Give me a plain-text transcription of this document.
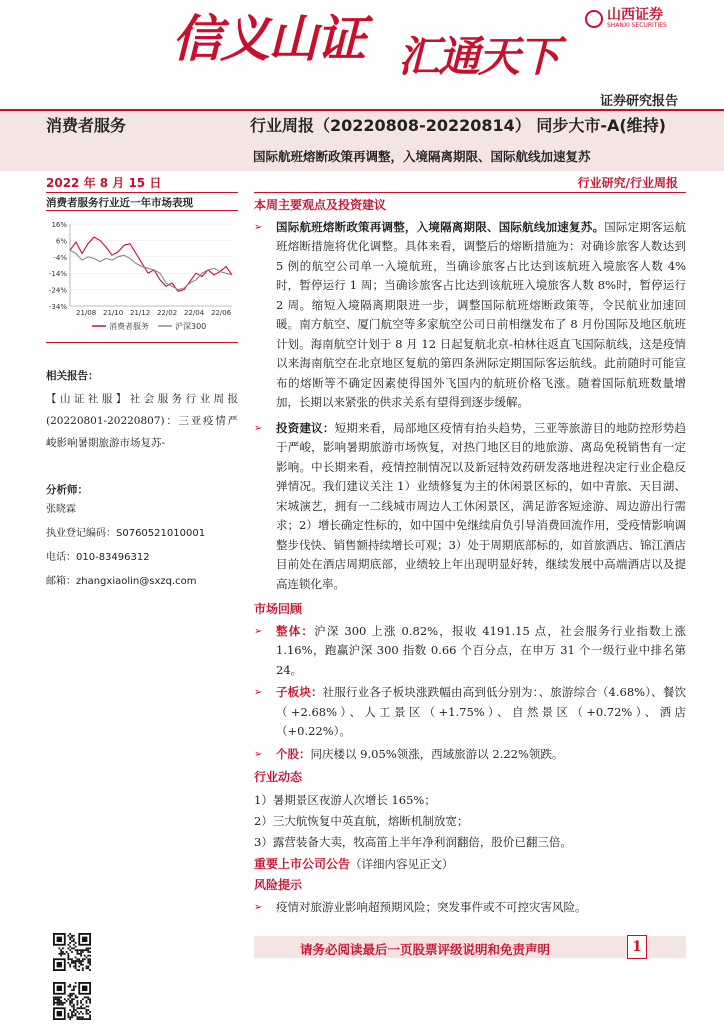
山西证券
SHANXI SECURITIES
信义山证 汇通天下
证券研究报告
消费者服务	行业周报（20220808-20220814） 同步大市-A(维持)
国际航班熔断政策再调整，入境隔离期限、国际航线加速复苏
2022 年 8 月 15 日	行业研究/行业周报
消费者服务行业近一年市场表现
16%
6%
-4%
-14%
-24%
-34%
21/08 21/10 21/12 22/02 22/04 22/06
消费者服务	沪深300
相关报告：
【山证社服】社会服务行业周报(20220801-20220807)：三亚疫情严峻影响暑期旅游市场复苏-
分析师：
张晓霖
执业登记编码：S0760521010001
电话：010-83496312
邮箱：zhangxiaolin@sxzq.com
本周主要观点及投资建议
➢	国际航班熔断政策再调整，入境隔离期限、国际航线加速复苏。国际定期客运航班熔断措施将优化调整。具体来看，调整后的熔断措施为：对确诊旅客人数达到 5 例的航空公司单一入境航班，当确诊旅客占比达到该航班入境旅客人数 4%时，暂停运行 1 周；当确诊旅客占比达到该航班入境旅客人数 8%时，暂停运行 2 周。缩短入境隔离期限进一步，调整国际航班熔断政策等，令民航业加速回暖。南方航空、厦门航空等多家航空公司日前相继发布了 8 月份国际及地区航班计划。海南航空计划于 8 月 12 日起复航北京-柏林往返直飞国际航线，这是疫情以来海南航空在北京地区复航的第四条洲际定期国际客运航线。此前随时可能宣布的熔断等不确定因素使得国外飞国内的航班价格飞涨。随着国际航班数量增加，长期以来紧张的供求关系有望得到逐步缓解。
➢	投资建议：短期来看，局部地区疫情有抬头趋势，三亚等旅游目的地防控形势趋于严峻，影响暑期旅游市场恢复，对热门地区目的地旅游、离岛免税销售有一定影响。中长期来看，疫情控制情况以及新冠特效药研发落地进程决定行业企稳反弹情况。我们建议关注 1）业绩修复为主的休闲景区标的，如中青旅、天目湖、宋城演艺，拥有一二线城市周边人工休闲景区，满足游客短途游、周边游出行需求；2）增长确定性标的，如中国中免继续肩负引导消费回流作用，受疫情影响调整步伐快、销售额持续增长可观；3）处于周期底部标的，如首旅酒店、锦江酒店目前处在酒店周期底部，业绩较上年出现明显好转，继续发展中高端酒店以及提高连锁化率。
市场回顾
➢	整体：沪深 300 上涨 0.82%，报收 4191.15 点，社会服务行业指数上涨 1.16%，跑赢沪深 300 指数 0.66 个百分点，在申万 31 个一级行业中排名第 24。
➢	子板块：社服行业各子板块涨跌幅由高到低分别为：、旅游综合（4.68%）、餐饮（+2.68%）、人工景区（+1.75%）、自然景区（+0.72%）、酒店（+0.22%）。
➢	个股：同庆楼以 9.05%领涨，西域旅游以 2.22%领跌。
行业动态
1）暑期景区夜游人次增长 165%；
2）三大航恢复中英直航，熔断机制放宽；
3）露营装备大卖，牧高笛上半年净利润翻倍，股价已翻三倍。
重要上市公司公告（详细内容见正文）
风险提示
➢	疫情对旅游业影响超预期风险；突发事件或不可控灾害风险。
请务必阅读最后一页股票评级说明和免责声明	1
